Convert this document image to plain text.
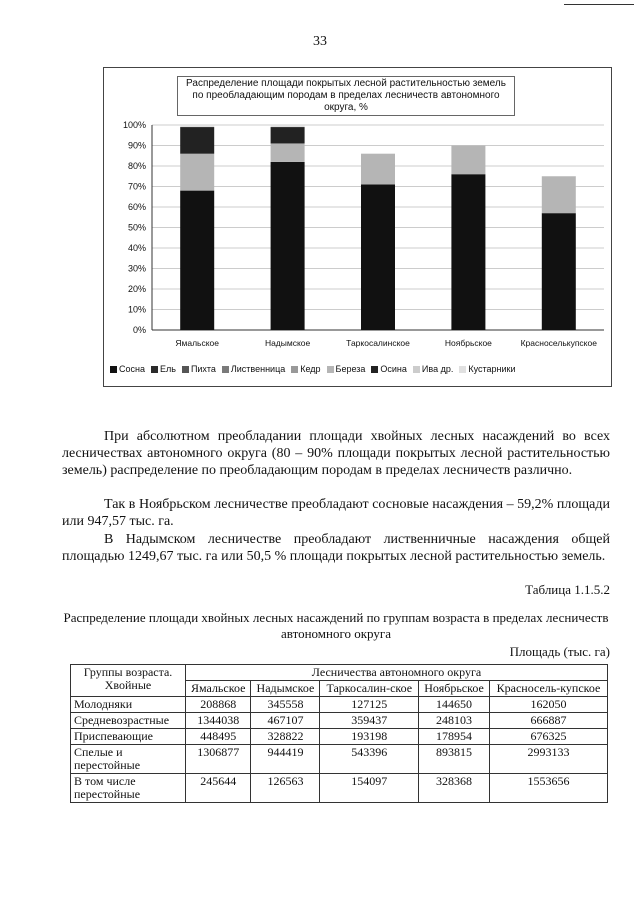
33
0%
10%
20%
30%
40%
50%
60%
70%
80%
90%
100%
Ямальское	Надымское	Таркосалинское	Ноябрьское	Красноселькупское
Распределение площади покрытых лесной растительностью земель по преобладающим породам в пределах лесничеств автономного округа, %
Сосна Ель Пихта Лиственница Кедр Береза Осина Ива др. Кустарники
При абсолютном преобладании площади хвойных лесных насаждений во всех лесничествах автономного округа (80 – 90% площади покрытых лесной растительностью земель) распределение по преобладающим породам в пределах лесничеств различно.
Так в Ноябрьском лесничестве преобладают сосновые насаждения – 59,2% площади или 947,57 тыс. га.
В Надымском лесничестве преобладают лиственничные насаждения общей площадью 1249,67 тыс. га или 50,5 % площади покрытых лесной растительностью земель.
Таблица 1.1.5.2
Распределение площади хвойных лесных насаждений по группам возраста в пределах лесничеств автономного округа
Площадь (тыс. га)
Группы возраста. Хвойные	Лесничества автономного округа				
	Ямальское	Надымское	Таркосалин-ское	Ноябрьское	Красносель-купское
Молодняки	208868	345558	127125	144650	162050
Средневозрастные	1344038	467107	359437	248103	666887
Приспевающие	448495	328822	193198	178954	676325
Спелые и перестойные	1306877	944419	543396	893815	2993133
В том числе перестойные	245644	126563	154097	328368	1553656
